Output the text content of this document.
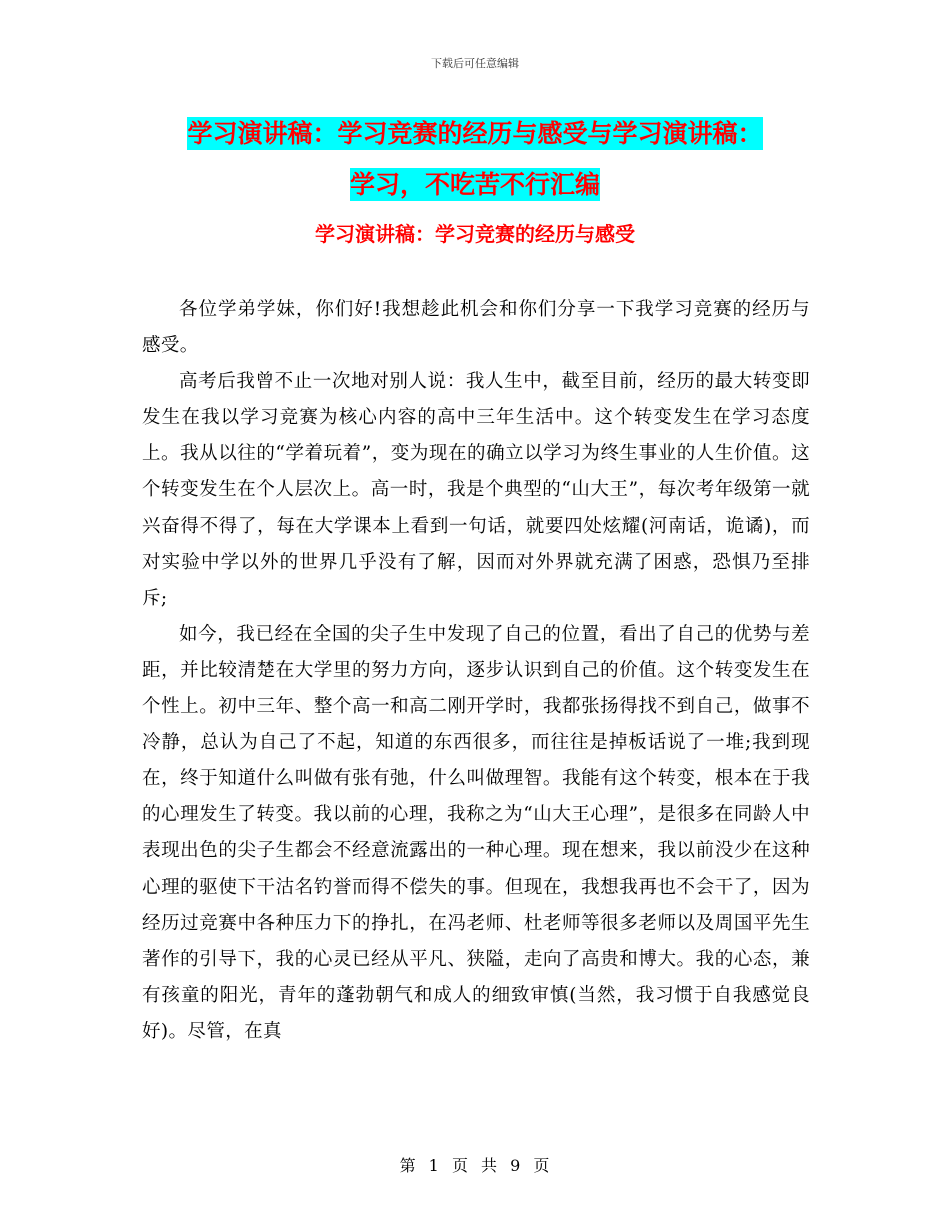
下载后可任意编辑
学习演讲稿：学习竞赛的经历与感受与学习演讲稿：
学习，不吃苦不行汇编
学习演讲稿：学习竞赛的经历与感受

各位学弟学妹，你们好!我想趁此机会和你们分享一下我学习竞赛的经历与感受。

高考后我曾不止一次地对别人说：我人生中，截至目前，经历的最大转变即发生在我以学习竞赛为核心内容的高中三年生活中。这个转变发生在学习态度上。我从以往的“学着玩着”，变为现在的确立以学习为终生事业的人生价值。这个转变发生在个人层次上。高一时，我是个典型的“山大王”，每次考年级第一就兴奋得不得了，每在大学课本上看到一句话，就要四处炫耀(河南话，诡谲)，而对实验中学以外的世界几乎没有了解，因而对外界就充满了困惑，恐惧乃至排斥;

如今，我已经在全国的尖子生中发现了自己的位置，看出了自己的优势与差距，并比较清楚在大学里的努力方向，逐步认识到自己的价值。这个转变发生在个性上。初中三年、整个高一和高二刚开学时，我都张扬得找不到自己，做事不冷静，总认为自己了不起，知道的东西很多，而往往是掉板话说了一堆;我到现在，终于知道什么叫做有张有弛，什么叫做理智。我能有这个转变，根本在于我的心理发生了转变。我以前的心理，我称之为“山大王心理”，是很多在同龄人中表现出色的尖子生都会不经意流露出的一种心理。现在想来，我以前没少在这种心理的驱使下干沽名钓誉而得不偿失的事。但现在，我想我再也不会干了，因为经历过竞赛中各种压力下的挣扎，在冯老师、杜老师等很多老师以及周国平先生著作的引导下，我的心灵已经从平凡、狭隘，走向了高贵和博大。我的心态，兼有孩童的阳光，青年的蓬勃朝气和成人的细致审慎(当然，我习惯于自我感觉良好)。尽管，在真

第 1 页 共 9 页
